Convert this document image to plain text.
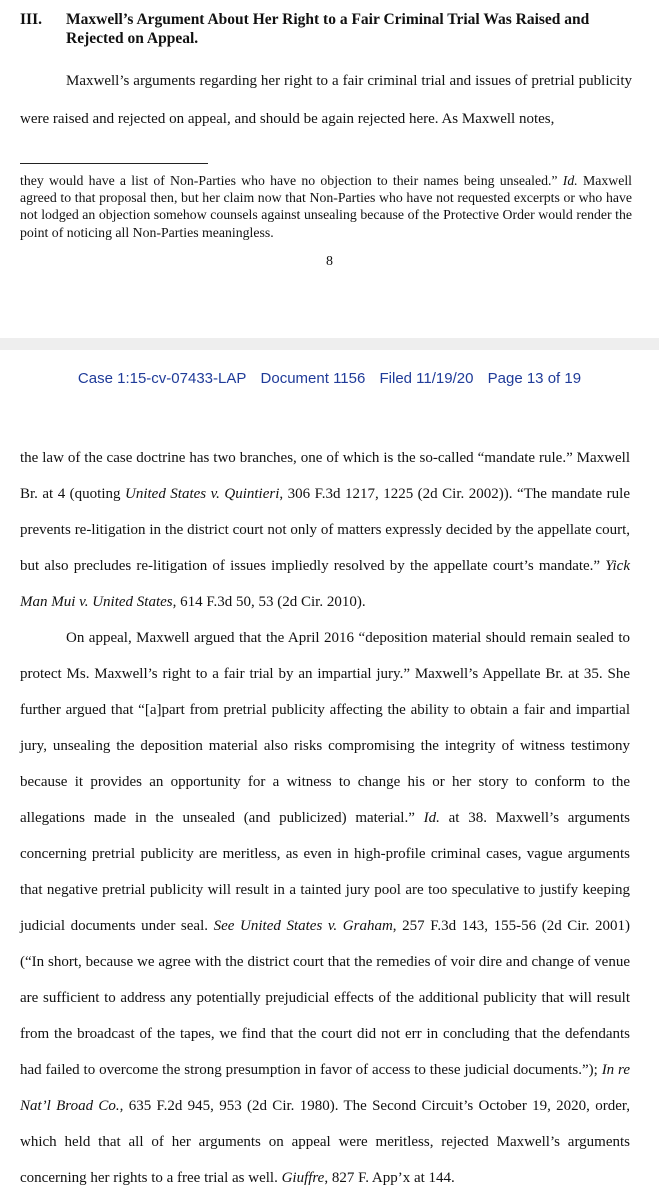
III.	Maxwell’s Argument About Her Right to a Fair Criminal Trial Was Raised and Rejected on Appeal.

Maxwell’s arguments regarding her right to a fair criminal trial and issues of pretrial publicity were raised and rejected on appeal, and should be again rejected here. As Maxwell notes,

they would have a list of Non-Parties who have no objection to their names being unsealed.” Id. Maxwell agreed to that proposal then, but her claim now that Non-Parties who have not requested excerpts or who have not lodged an objection somehow counsels against unsealing because of the Protective Order would render the point of noticing all Non-Parties meaningless.

8
Case 1:15-cv-07433-LAP Document 1156 Filed 11/19/20 Page 13 of 19

the law of the case doctrine has two branches, one of which is the so-called “mandate rule.” Maxwell Br. at 4 (quoting United States v. Quintieri, 306 F.3d 1217, 1225 (2d Cir. 2002)). “The mandate rule prevents re-litigation in the district court not only of matters expressly decided by the appellate court, but also precludes re-litigation of issues impliedly resolved by the appellate court’s mandate.” Yick Man Mui v. United States, 614 F.3d 50, 53 (2d Cir. 2010).

On appeal, Maxwell argued that the April 2016 “deposition material should remain sealed to protect Ms. Maxwell’s right to a fair trial by an impartial jury.” Maxwell’s Appellate Br. at 35. She further argued that “[a]part from pretrial publicity affecting the ability to obtain a fair and impartial jury, unsealing the deposition material also risks compromising the integrity of witness testimony because it provides an opportunity for a witness to change his or her story to conform to the allegations made in the unsealed (and publicized) material.” Id. at 38. Maxwell’s arguments concerning pretrial publicity are meritless, as even in high-profile criminal cases, vague arguments that negative pretrial publicity will result in a tainted jury pool are too speculative to justify keeping judicial documents under seal. See United States v. Graham, 257 F.3d 143, 155-56 (2d Cir. 2001) (“In short, because we agree with the district court that the remedies of voir dire and change of venue are sufficient to address any potentially prejudicial effects of the additional publicity that will result from the broadcast of the tapes, we find that the court did not err in concluding that the defendants had failed to overcome the strong presumption in favor of access to these judicial documents.”); In re Nat’l Broad Co., 635 F.2d 945, 953 (2d Cir. 1980). The Second Circuit’s October 19, 2020, order, which held that all of her arguments on appeal were meritless, rejected Maxwell’s arguments concerning her rights to a free trial as well. Giuffre, 827 F. App’x at 144.
